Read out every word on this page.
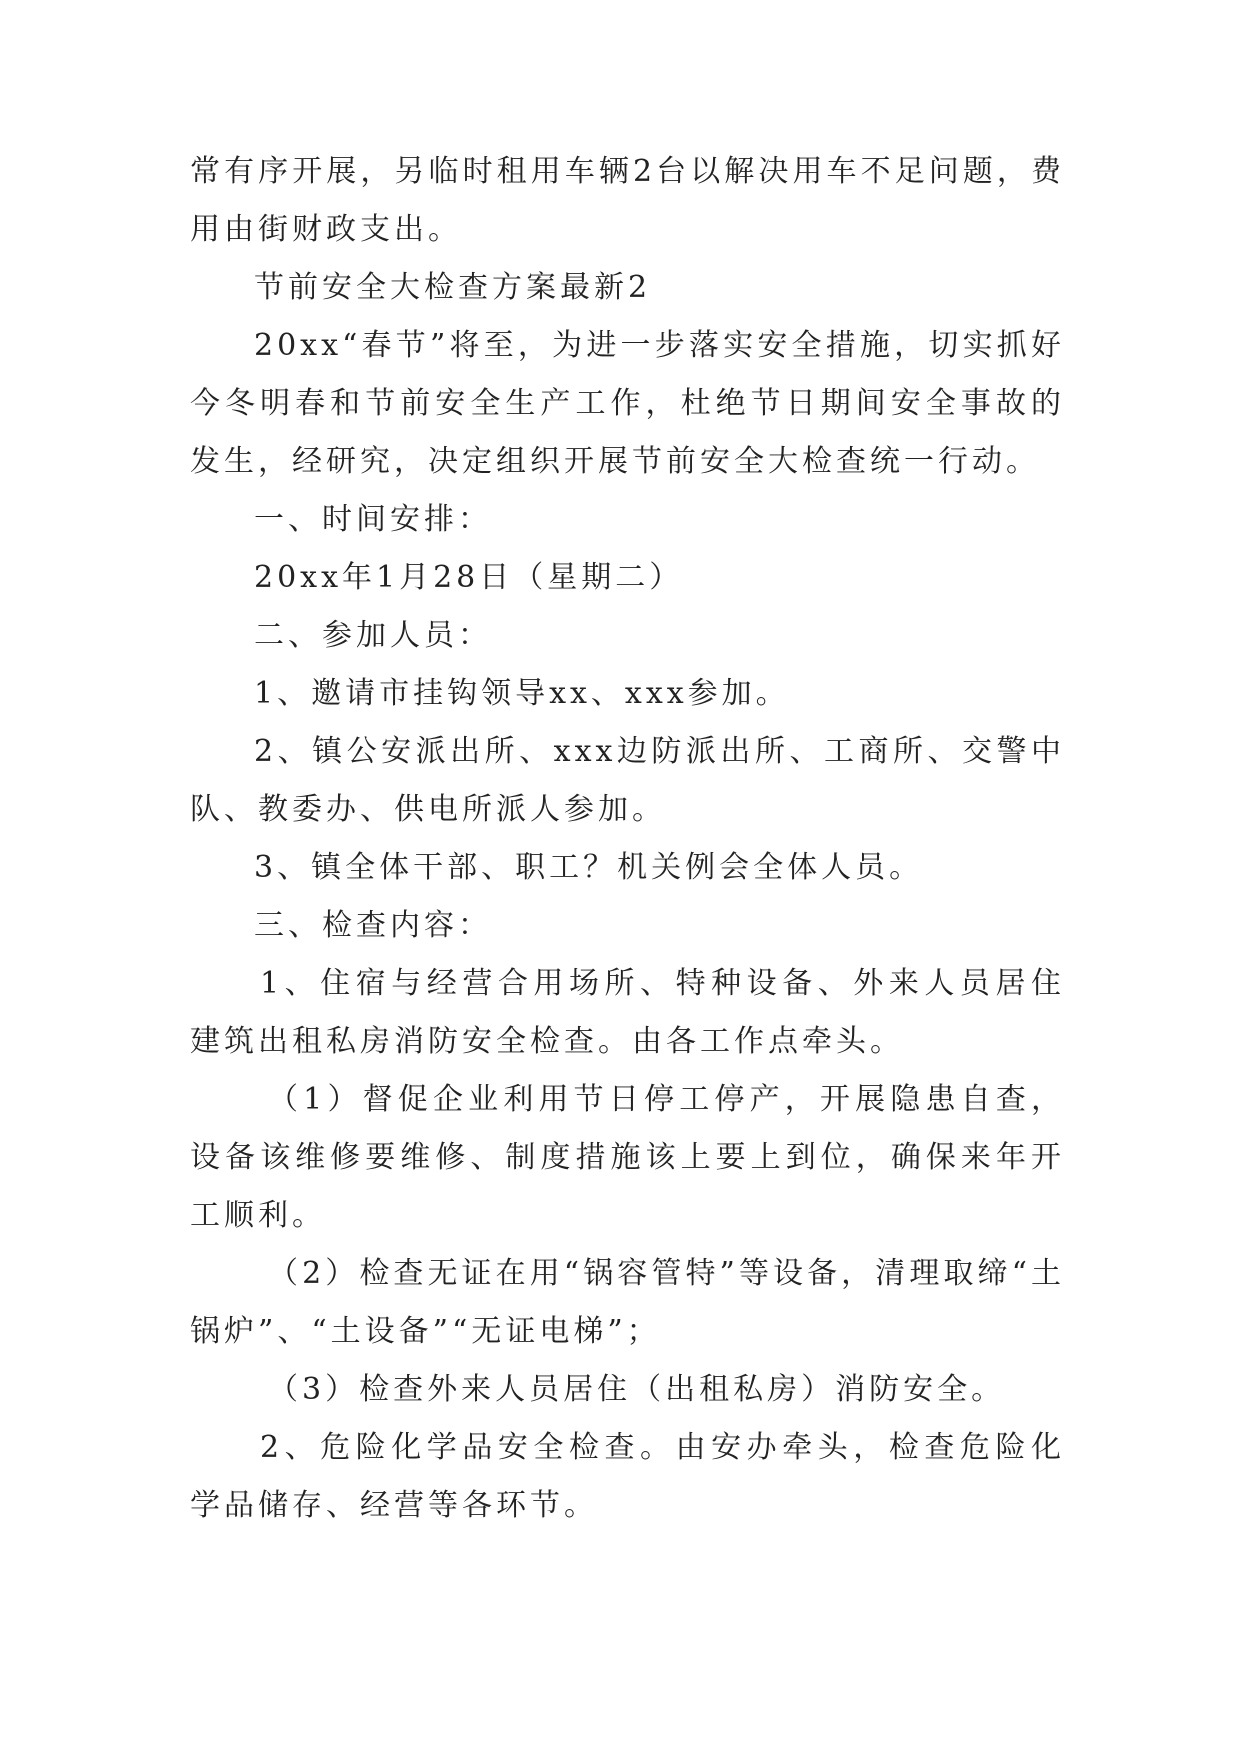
常有序开展，另临时租用车辆2台以解决用车不足问题，费用由街财政支出。

节前安全大检查方案最新2

20xx“春节”将至，为进一步落实安全措施，切实抓好今冬明春和节前安全生产工作，杜绝节日期间安全事故的发生，经研究，决定组织开展节前安全大检查统一行动。

一、时间安排：

20xx年1月28日（星期二）

二、参加人员：

1、邀请市挂钩领导xx、xxx参加。

2、镇公安派出所、xxx边防派出所、工商所、交警中队、教委办、供电所派人参加。

3、镇全体干部、职工？机关例会全体人员。

三、检查内容：

1、住宿与经营合用场所、特种设备、外来人员居住建筑出租私房消防安全检查。由各工作点牵头。

（1）督促企业利用节日停工停产，开展隐患自查，设备该维修要维修、制度措施该上要上到位，确保来年开工顺利。

（2）检查无证在用“锅容管特”等设备，清理取缔“土锅炉”、“土设备”“无证电梯”；

（3）检查外来人员居住（出租私房）消防安全。

2、危险化学品安全检查。由安办牵头，检查危险化学品储存、经营等各环节。
